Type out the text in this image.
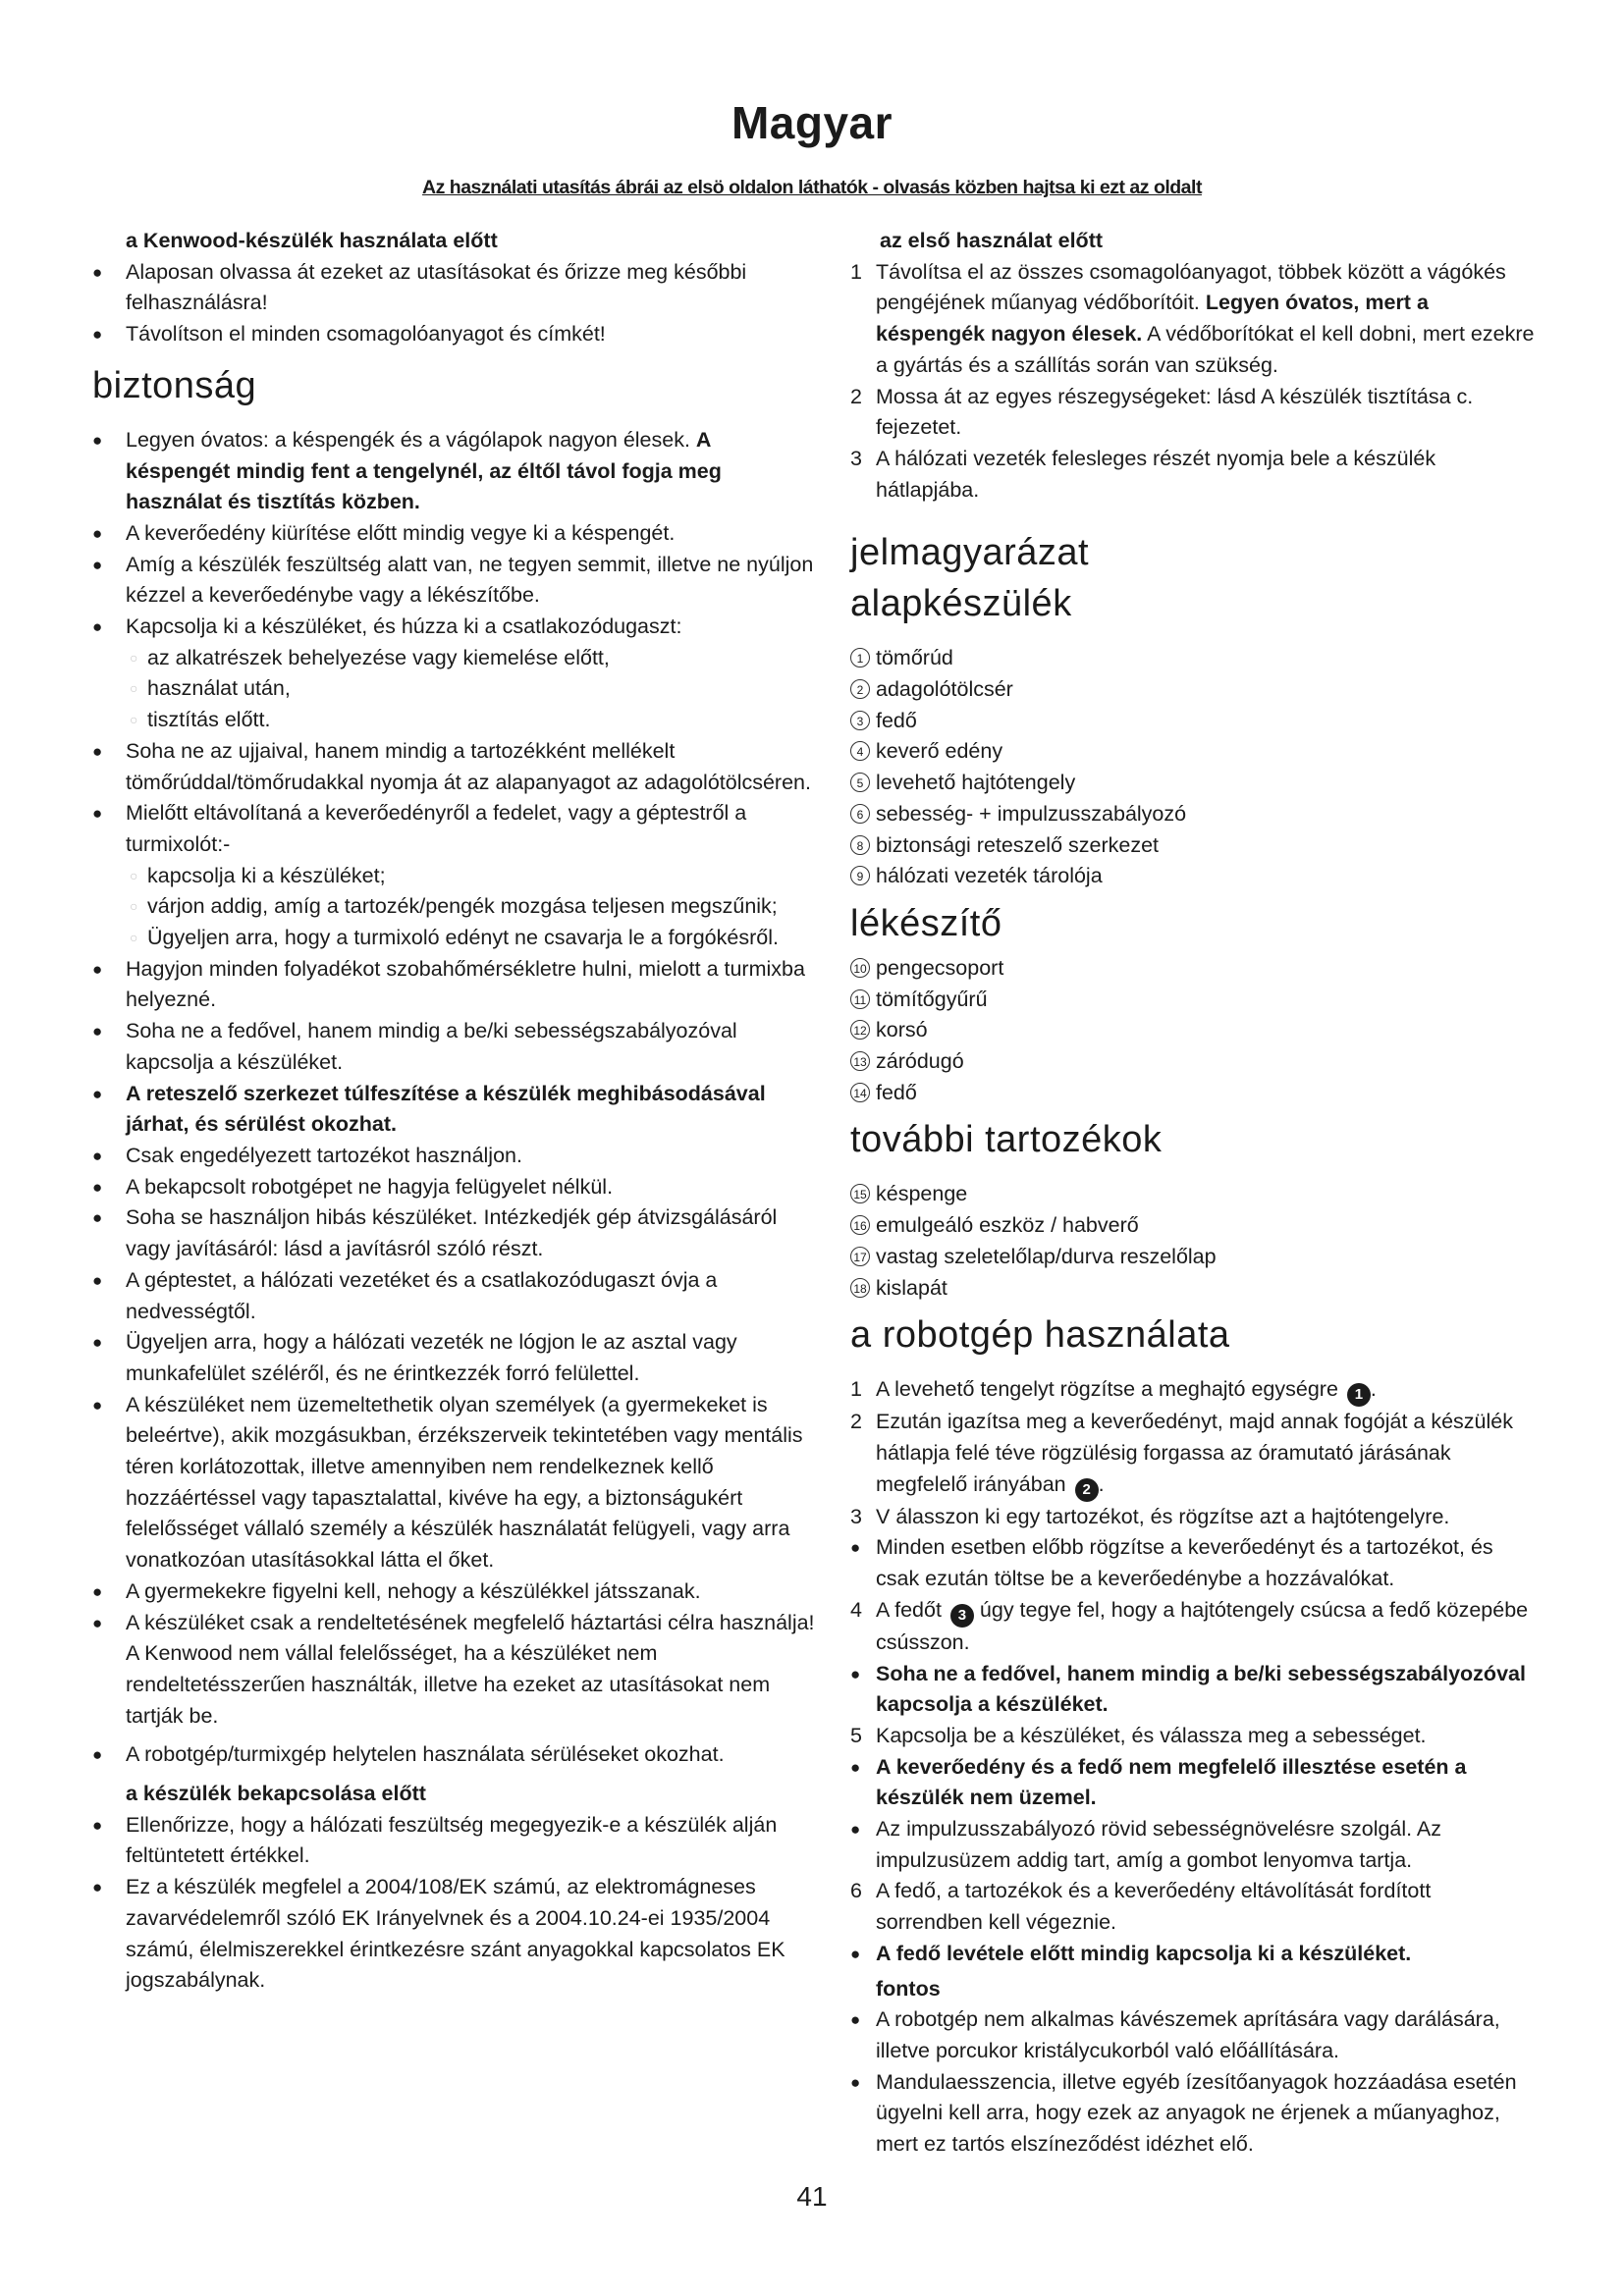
Magyar

Az használati utasítás ábrái az elsö oldalon láthatók - olvasás közben hajtsa ki ezt az oldalt

a Kenwood-készülék használata előtt

● Alaposan olvassa át ezeket az utasításokat és őrizze meg későbbi felhasználásra!

● Távolítson el minden csomagolóanyagot és címkét!

biztonság

● Legyen óvatos: a késpengék és a vágólapok nagyon élesek. A késpengét mindig fent a tengelynél, az éltől távol fogja meg használat és tisztítás közben.

● A keverőedény kiürítése előtt mindig vegye ki a késpengét.

● Amíg a készülék feszültség alatt van, ne tegyen semmit, illetve ne nyúljon kézzel a keverőedénybe vagy a lékészítőbe.

● Kapcsolja ki a készüléket, és húzza ki a csatlakozódugaszt:

○ az alkatrészek behelyezése vagy kiemelése előtt,

○ használat után,

○ tisztítás előtt.

● Soha ne az ujjaival, hanem mindig a tartozékként mellékelt tömőrúddal/tömőrudakkal nyomja át az alapanyagot az adagolótölcséren.

● Mielőtt eltávolítaná a keverőedényről a fedelet, vagy a géptestről a turmixolót:-

○ kapcsolja ki a készüléket;

○ várjon addig, amíg a tartozék/pengék mozgása teljesen megszűnik;

○ Ügyeljen arra, hogy a turmixoló edényt ne csavarja le a forgókésről.

● Hagyjon minden folyadékot szobahőmérsékletre hulni, mielott a turmixba helyezné.

● Soha ne a fedővel, hanem mindig a be/ki sebességszabályozóval kapcsolja a készüléket.

● A reteszelő szerkezet túlfeszítése a készülék meghibásodásával járhat, és sérülést okozhat.

● Csak engedélyezett tartozékot használjon.

● A bekapcsolt robotgépet ne hagyja felügyelet nélkül.

● Soha se használjon hibás készüléket. Intézkedjék gép átvizsgálásáról vagy javításáról: lásd a javításról szóló részt.

● A géptestet, a hálózati vezetéket és a csatlakozódugaszt óvja a nedvességtől.

● Ügyeljen arra, hogy a hálózati vezeték ne lógjon le az asztal vagy munkafelület széléről, és ne érintkezzék forró felülettel.

● A készüléket nem üzemeltethetik olyan személyek (a gyermekeket is beleértve), akik mozgásukban, érzékszerveik tekintetében vagy mentális téren korlátozottak, illetve amennyiben nem rendelkeznek kellő hozzáértéssel vagy tapasztalattal, kivéve ha egy, a biztonságukért felelősséget vállaló személy a készülék használatát felügyeli, vagy arra vonatkozóan utasításokkal látta el őket.

● A gyermekekre figyelni kell, nehogy a készülékkel játsszanak.

● A készüléket csak a rendeltetésének megfelelő háztartási célra használja! A Kenwood nem vállal felelősséget, ha a készüléket nem rendeltetésszerűen használták, illetve ha ezeket az utasításokat nem tartják be.

● A robotgép/turmixgép helytelen használata sérüléseket okozhat.

a készülék bekapcsolása előtt

● Ellenőrizze, hogy a hálózati feszültség megegyezik-e a készülék alján feltüntetett értékkel.

● Ez a készülék megfelel a 2004/108/EK számú, az elektromágneses zavarvédelemről szóló EK Irányelvnek és a 2004.10.24-ei 1935/2004 számú, élelmiszerekkel érintkezésre szánt anyagokkal kapcsolatos EK jogszabálynak.

az első használat előtt

1 Távolítsa el az összes csomagolóanyagot, többek között a vágókés pengéjének műanyag védőborítóit. Legyen óvatos, mert a késpengék nagyon élesek. A védőborítókat el kell dobni, mert ezekre a gyártás és a szállítás során van szükség.

2 Mossa át az egyes részegységeket: lásd A készülék tisztítása c. fejezetet.

3 A hálózati vezeték felesleges részét nyomja bele a készülék hátlapjába.

jelmagyarázat
alapkészülék

1 tömőrúd

2 adagolótölcsér

3 fedő

4 keverő edény

5 levehető hajtótengely

6 sebesség- + impulzusszabályozó

8 biztonsági reteszelő szerkezet

9 hálózati vezeték tárolója

lékészítő

10 pengecsoport

11 tömítőgyűrű

12 korsó

13 záródugó

14 fedő

további tartozékok

15 késpenge

16 emulgeáló eszköz / habverő

17 vastag szeletelőlap/durva reszelőlap

18 kislapát

a robotgép használata

1 A levehető tengelyt rögzítse a meghajtó egységre 1 .

2 Ezután igazítsa meg a keverőedényt, majd annak fogóját a készülék hátlapja felé téve rögzülésig forgassa az óramutató járásának megfelelő irányában 2 .

3 V álasszon ki egy tartozékot, és rögzítse azt a hajtótengelyre.

● Minden esetben előbb rögzítse a keverőedényt és a tartozékot, és csak ezután töltse be a keverőedénybe a hozzávalókat.

4 A fedőt 3 úgy tegye fel, hogy a hajtótengely csúcsa a fedő közepébe csússzon.

● Soha ne a fedővel, hanem mindig a be/ki sebességszabályozóval kapcsolja a készüléket.

5 Kapcsolja be a készüléket, és válassza meg a sebességet.

● A keverőedény és a fedő nem megfelelő illesztése esetén a készülék nem üzemel.

● Az impulzusszabályozó rövid sebességnövelésre szolgál. Az impulzusüzem addig tart, amíg a gombot lenyomva tartja.

6 A fedő, a tartozékok és a keverőedény eltávolítását fordított sorrendben kell végeznie.

● A fedő levétele előtt mindig kapcsolja ki a készüléket.

fontos

● A robotgép nem alkalmas kávészemek aprítására vagy darálására, illetve porcukor kristálycukorból való előállítására.

● Mandulaesszencia, illetve egyéb ízesítőanyagok hozzáadása esetén ügyelni kell arra, hogy ezek az anyagok ne érjenek a műanyaghoz, mert ez tartós elszíneződést idézhet elő.

41
